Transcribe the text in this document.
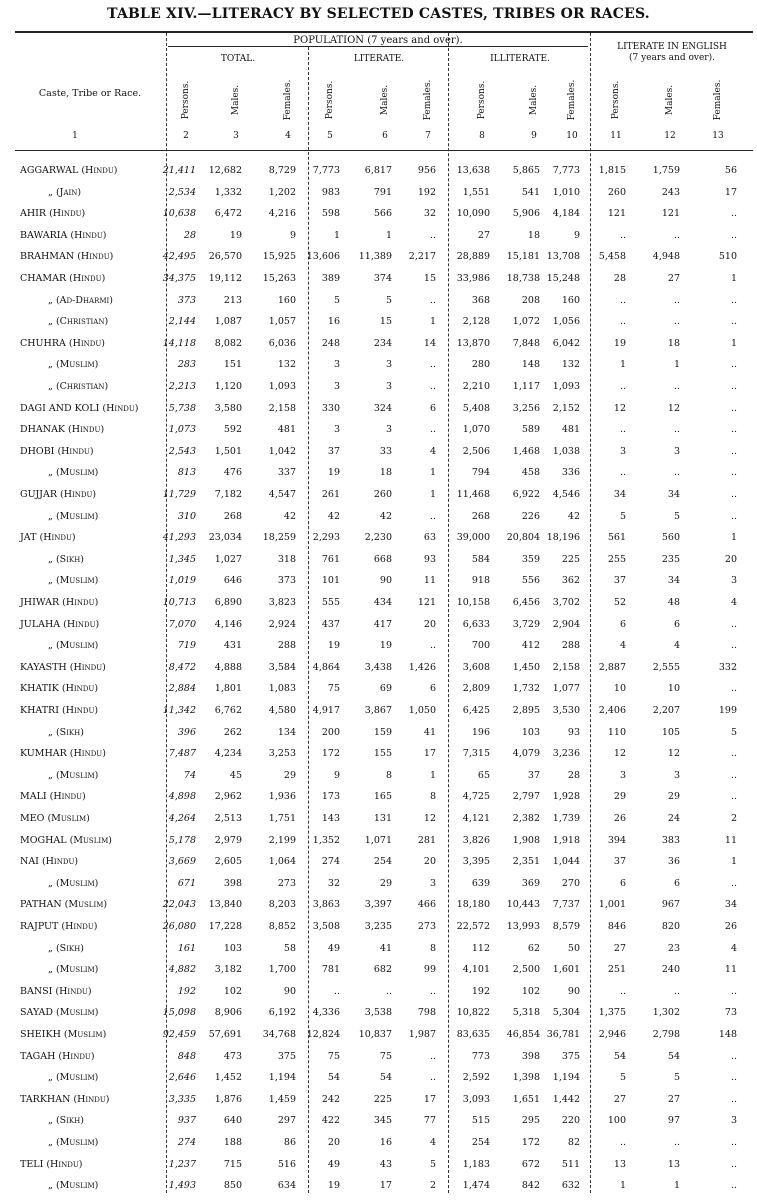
TABLE XIV.—LITERACY BY SELECTED CASTES, TRIBES OR RACES.
POPULATION (7 years and over).
TOTAL.	LITERATE.	ILLITERATE.
LITERATE IN ENGLISH
(7 years and over).
Caste, Tribe or Race.	Persons.	Males.	Females.	Persons.	Males.	Females.	Persons.	Males.	Females.	Persons.	Males.	Females.
1	2	3	4	5	6	7	8	9	10	11	12	13
AGGARWAL (Hindu)	21,411	12,682	8,729	7,773	6,817	956	13,638	5,865	7,773	1,815	1,759	56
„ (Jain)	2,534	1,332	1,202	983	791	192	1,551	541	1,010	260	243	17
AHIR (Hindu)	10,638	6,472	4,216	598	566	32	10,090	5,906	4,184	121	121	..
BAWARIA (Hindu)	28	19	9	1	1	..	27	18	9	..	..	..
BRAHMAN (Hindu)	42,495	26,570	15,925	13,606	11,389	2,217	28,889	15,181 13,708	5,458	4,948	510
CHAMAR (Hindu)	34,375	19,112	15,263	389	374	15	33,986	18,738 15,248	28	27	1
„ (Ad-Dharmi)	373	213	160	5	5	..	368	208	160	..	..	..
„ (Christian)	2,144	1,087	1,057	16	15	1	2,128	1,072	1,056	..	..	..
CHUHRA (Hindu)	14,118	8,082	6,036	248	234	14	13,870	7,848	6,042	19	18	1
„ (Muslim)	283	151	132	3	3	..	280	148	132	1	1	..
„ (Christian)	2,213	1,120	1,093	3	3	..	2,210	1,117	1,093	..	..	..
DAGI AND KOLI (Hindu)	5,738	3,580	2,158	330	324	6	5,408	3,256	2,152	12	12	..
DHANAK (Hindu)	1,073	592	481	3	3	..	1,070	589	481	..	..	..
DHOBI (Hindu)	2,543	1,501	1,042	37	33	4	2,506	1,468	1,038	3	3	..
„ (Muslim)	813	476	337	19	18	1	794	458	336	..	..	..
GUJJAR (Hindu)	11,729	7,182	4,547	261	260	1	11,468	6,922	4,546	34	34	..
„ (Muslim)	310	268	42	42	42	..	268	226	42	5	5	..
JAT (Hindu)	41,293	23,034	18,259	2,293	2,230	63	39,000	20,804 18,196	561	560	1
„ (Sikh)	1,345	1,027	318	761	668	93	584	359	225	255	235	20
„ (Muslim)	1,019	646	373	101	90	11	918	556	362	37	34	3
JHIWAR (Hindu)	10,713	6,890	3,823	555	434	121	10,158	6,456	3,702	52	48	4
JULAHA (Hindu)	7,070	4,146	2,924	437	417	20	6,633	3,729	2,904	6	6	..
„ (Muslim)	719	431	288	19	19	..	700	412	288	4	4	..
KAYASTH (Hindu)	8,472	4,888	3,584	4,864	3,438	1,426	3,608	1,450	2,158	2,887	2,555	332
KHATIK (Hindu)	2,884	1,801	1,083	75	69	6	2,809	1,732	1,077	10	10	..
KHATRI (Hindu)	11,342	6,762	4,580	4,917	3,867	1,050	6,425	2,895	3,530	2,406	2,207	199
„ (Sikh)	396	262	134	200	159	41	196	103	93	110	105	5
KUMHAR (Hindu)	7,487	4,234	3,253	172	155	17	7,315	4,079	3,236	12	12	..
„ (Muslim)	74	45	29	9	8	1	65	37	28	3	3	..
MALI (Hindu)	4,898	2,962	1,936	173	165	8	4,725	2,797	1,928	29	29	..
MEO (Muslim)	4,264	2,513	1,751	143	131	12	4,121	2,382	1,739	26	24	2
MOGHAL (Muslim)	5,178	2,979	2,199	1,352	1,071	281	3,826	1,908	1,918	394	383	11
NAI (Hindu)	3,669	2,605	1,064	274	254	20	3,395	2,351	1,044	37	36	1
„ (Muslim)	671	398	273	32	29	3	639	369	270	6	6	..
PATHAN (Muslim)	22,043	13,840	8,203	3,863	3,397	466	18,180	10,443	7,737	1,001	967	34
RAJPUT (Hindu)	26,080	17,228	8,852	3,508	3,235	273	22,572	13,993	8,579	846	820	26
„ (Sikh)	161	103	58	49	41	8	112	62	50	27	23	4
„ (Muslim)	4,882	3,182	1,700	781	682	99	4,101	2,500	1,601	251	240	11
BANSI (Hindu)	192	102	90	..	..	..	192	102	90	..	..	..
SAYAD (Muslim)	15,098	8,906	6,192	4,336	3,538	798	10,822	5,318	5,304	1,375	1,302	73
SHEIKH (Muslim)	92,459	57,691	34,768	12,824	10,837	1,987	83,635	46,854 36,781	2,946	2,798	148
TAGAH (Hindu)	848	473	375	75	75	..	773	398	375	54	54	..
„ (Muslim)	2,646	1,452	1,194	54	54	..	2,592	1,398	1,194	5	5	..
TARKHAN (Hindu)	3,335	1,876	1,459	242	225	17	3,093	1,651	1,442	27	27	..
„ (Sikh)	937	640	297	422	345	77	515	295	220	100	97	3
„ (Muslim)	274	188	86	20	16	4	254	172	82	..	..	..
TELI (Hindu)	1,237	715	516	49	43	5	1,183	672	511	13	13	..
„ (Muslim)	1,493	850	634	19	17	2	1,474	842	632	1	1	..
